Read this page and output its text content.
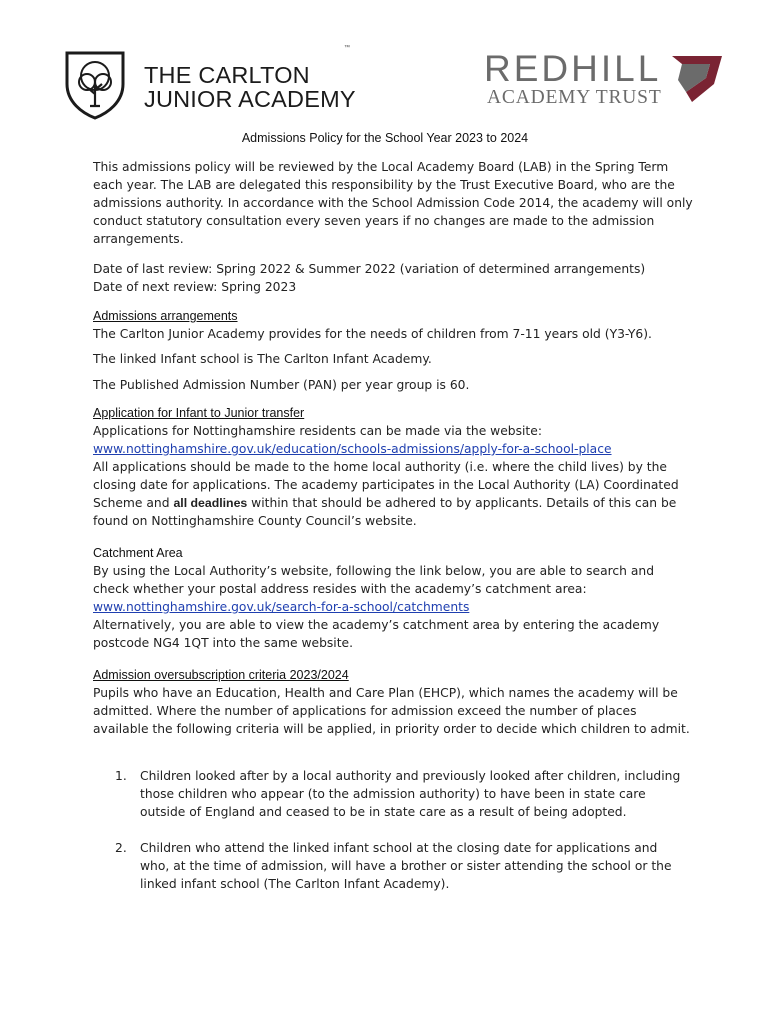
THE CARLTON
JUNIOR ACADEMY
™	REDHILL
ACADEMY TRUST
Admissions Policy for the School Year 2023 to 2024

This admissions policy will be reviewed by the Local Academy Board (LAB) in the Spring Term each year. The LAB are delegated this responsibility by the Trust Executive Board, who are the admissions authority. In accordance with the School Admission Code 2014, the academy will only conduct statutory consultation every seven years if no changes are made to the admission arrangements.

Date of last review: Spring 2022 & Summer 2022 (variation of determined arrangements)

Date of next review: Spring 2023

Admissions arrangements
The Carlton Junior Academy provides for the needs of children from 7-11 years old (Y3-Y6).
The linked Infant school is The Carlton Infant Academy.
The Published Admission Number (PAN) per year group is 60.
Application for Infant to Junior transfer

Applications for Nottinghamshire residents can be made via the website:

www.nottinghamshire.gov.uk/education/schools-admissions/apply-for-a-school-place

All applications should be made to the home local authority (i.e. where the child lives) by the closing date for applications. The academy participates in the Local Authority (LA) Coordinated Scheme and all deadlines within that should be adhered to by applicants. Details of this can be found on Nottinghamshire County Council’s website.

Catchment Area

By using the Local Authority’s website, following the link below, you are able to search and check whether your postal address resides with the academy’s catchment area:

www.nottinghamshire.gov.uk/search-for-a-school/catchments

Alternatively, you are able to view the academy’s catchment area by entering the academy postcode NG4 1QT into the same website.

Admission oversubscription criteria 2023/2024
Pupils who have an Education, Health and Care Plan (EHCP), which names the academy will be admitted. Where the number of applications for admission exceed the number of places available the following criteria will be applied, in priority order to decide which children to admit.
1. Children looked after by a local authority and previously looked after children, including those children who appear (to the admission authority) to have been in state care outside of England and ceased to be in state care as a result of being adopted.
2. Children who attend the linked infant school at the closing date for applications and who, at the time of admission, will have a brother or sister attending the school or the linked infant school (The Carlton Infant Academy).
